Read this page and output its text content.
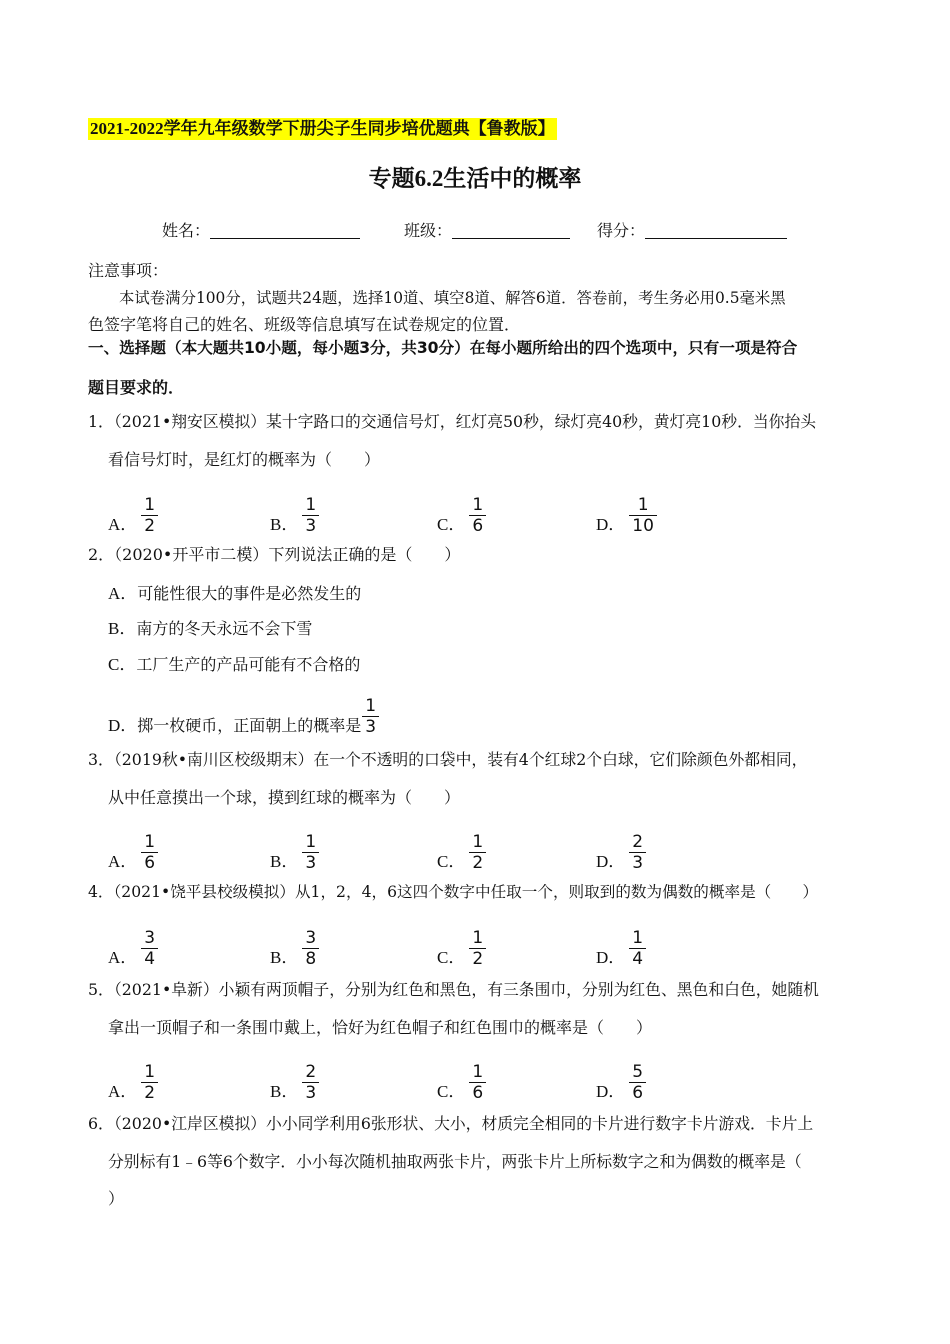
2021-2022学年九年级数学下册尖子生同步培优题典【鲁教版】
专题6.2生活中的概率
姓名：	班级：	得分：
注意事项：
本试卷满分100分，试题共24题，选择10道、填空8道、解答6道．答卷前，考生务必用0.5毫米黑
色签字笔将自己的姓名、班级等信息填写在试卷规定的位置．
一、选择题（本大题共10小题，每小题3分，共30分）在每小题所给出的四个选项中，只有一项是符合
题目要求的．
1．（2021•翔安区模拟）某十字路口的交通信号灯，红灯亮50秒，绿灯亮40秒，黄灯亮10秒．当你抬头
看信号灯时，是红灯的概率为（　　）
A． $\frac{1}{2}$	B． $\frac{1}{3}$	C． $\frac{1}{6}$	D． $\frac{1}{10}$
2．（2020•开平市二模）下列说法正确的是（　　）
A．可能性很大的事件是必然发生的
B．南方的冬天永远不会下雪
C．工厂生产的产品可能有不合格的
D．掷一枚硬币，正面朝上的概率是 $\frac{1}{3}$
3．（2019秋•南川区校级期末）在一个不透明的口袋中，装有4个红球2个白球，它们除颜色外都相同，
从中任意摸出一个球，摸到红球的概率为（　　）
A． $\frac{1}{6}$	B． $\frac{1}{3}$	C． $\frac{1}{2}$	D． $\frac{2}{3}$
4．（2021•饶平县校级模拟）从1，2，4，6这四个数字中任取一个，则取到的数为偶数的概率是（　　）
A． $\frac{3}{4}$	B． $\frac{3}{8}$	C． $\frac{1}{2}$	D． $\frac{1}{4}$
5．（2021•阜新）小颖有两顶帽子，分别为红色和黑色，有三条围巾，分别为红色、黑色和白色，她随机
拿出一顶帽子和一条围巾戴上，恰好为红色帽子和红色围巾的概率是（　　）
A． $\frac{1}{2}$	B． $\frac{2}{3}$	C． $\frac{1}{6}$	D． $\frac{5}{6}$
6．（2020•江岸区模拟）小小同学利用6张形状、大小，材质完全相同的卡片进行数字卡片游戏．卡片上
分别标有1﹣6等6个数字．小小每次随机抽取两张卡片，两张卡片上所标数字之和为偶数的概率是（
）
